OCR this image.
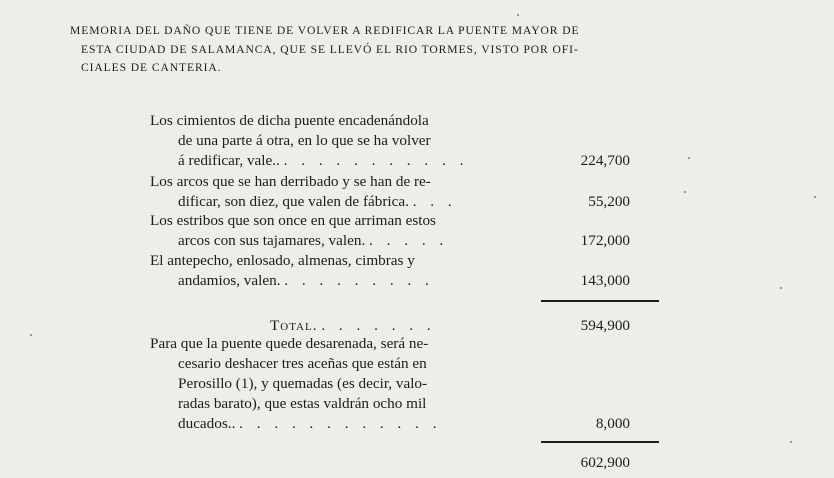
MEMORIA DEL DAÑO QUE TIENE DE VOLVER A REDIFICAR LA PUENTE MAYOR DE
ESTA CIUDAD DE SALAMANCA, QUE SE LLEVÓ EL RIO TORMES, VISTO POR OFI-
CIALES DE CANTERIA.
Los cimientos de dicha puente encadenándola
de una parte á otra, en lo que se ha volver
á redificar, vale.. . . . . . . . . . . .	224,700
Los arcos que se han derribado y se han de re-
dificar, son diez, que valen de fábrica. . . .	55,200
Los estribos que son once en que arriman estos
arcos con sus tajamares, valen. . . . . .	172,000
El antepecho, enlosado, almenas, cimbras y
andamios, valen. . . . . . . . . .	143,000
Total. . . . . . . .	594,900
Para que la puente quede desarenada, será ne-
cesario deshacer tres aceñas que están en
Perosillo (1), y quemadas (es decir, valo-
radas barato), que estas valdrán ocho mil
ducados.. . . . . . . . . . . . .	8,000
602,900
